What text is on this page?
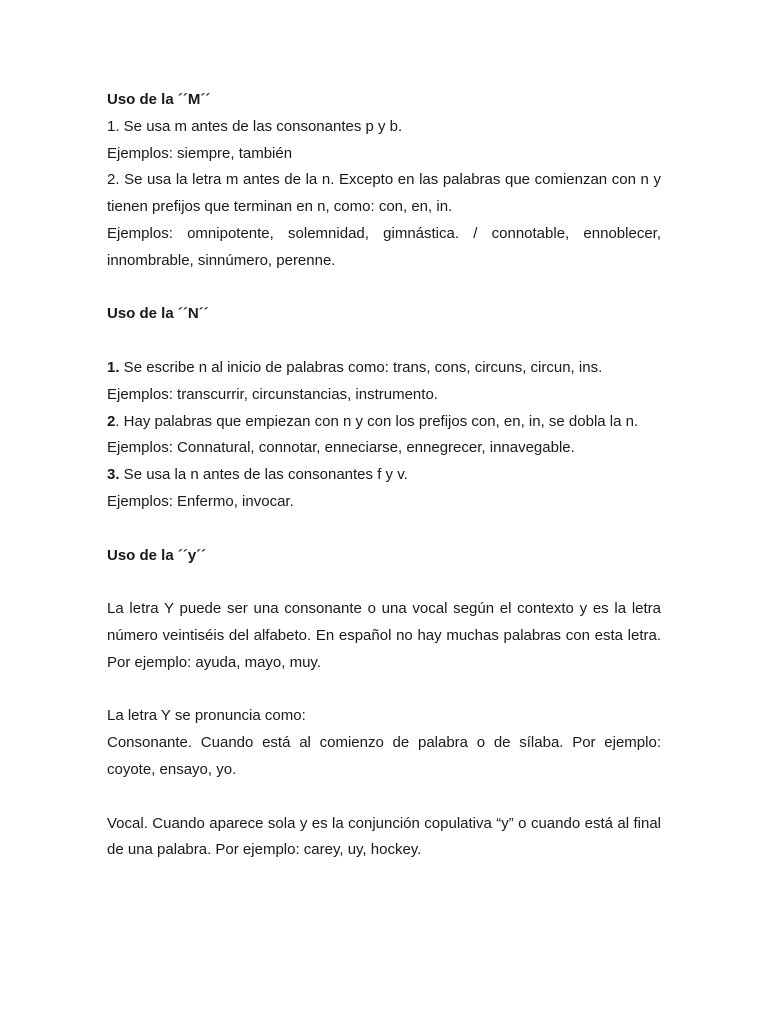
Uso de la ´´M´´
1. Se usa m antes de las consonantes p y b.
Ejemplos: siempre, también
2. Se usa la letra m antes de la n. Excepto en las palabras que comienzan con n y
tienen prefijos que terminan en n, como: con, en, in.
Ejemplos: omnipotente, solemnidad, gimnástica. / connotable, ennoblecer,
innombrable, sinnúmero, perenne.
Uso de la ´´N´´
1. Se escribe n al inicio de palabras como: trans, cons, circuns, circun, ins.
Ejemplos: transcurrir, circunstancias, instrumento.
2. Hay palabras que empiezan con n y con los prefijos con, en, in, se dobla la n.
Ejemplos: Connatural, connotar, enneciarse, ennegrecer, innavegable.
3. Se usa la n antes de las consonantes f y v.
Ejemplos: Enfermo, invocar.
Uso de la ´´y´´
La letra Y puede ser una consonante o una vocal según el contexto y es la letra
número veintiséis del alfabeto. En español no hay muchas palabras con esta letra.
Por ejemplo: ayuda, mayo, muy.
La letra Y se pronuncia como:
Consonante. Cuando está al comienzo de palabra o de sílaba. Por ejemplo:
coyote, ensayo, yo.
Vocal. Cuando aparece sola y es la conjunción copulativa “y” o cuando está al final
de una palabra. Por ejemplo: carey, uy, hockey.
